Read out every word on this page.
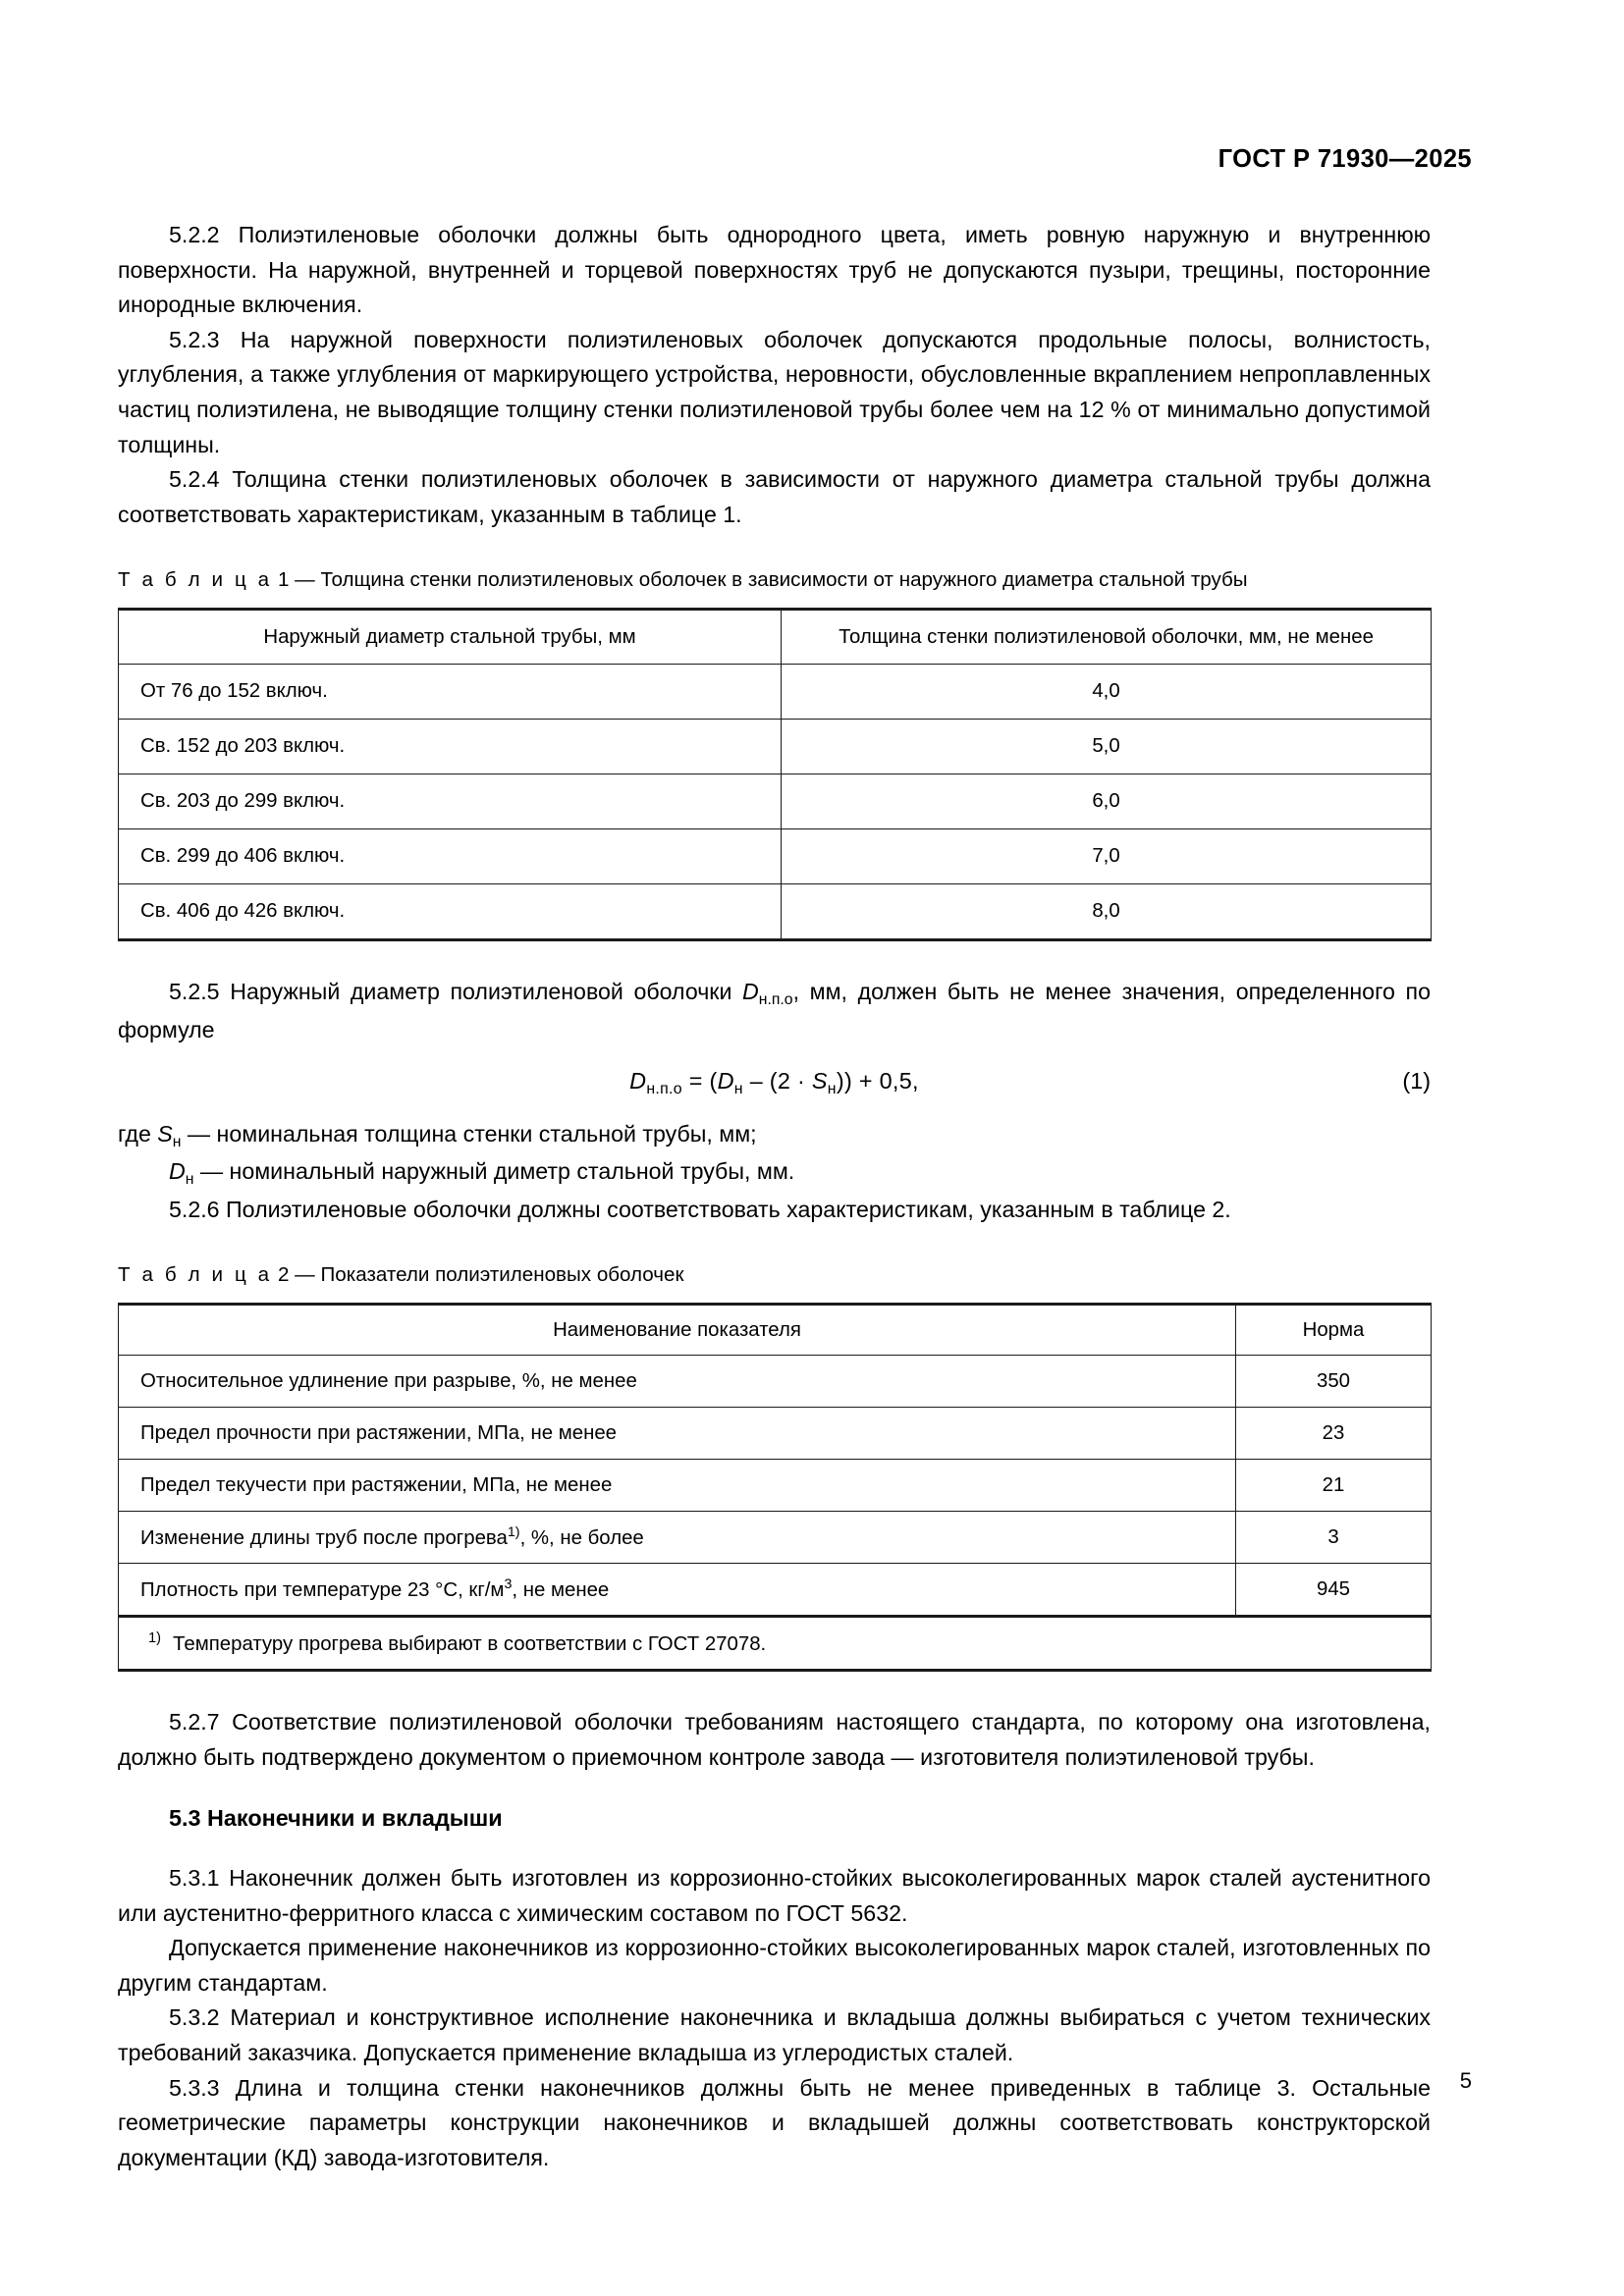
ГОСТ Р 71930—2025

5.2.2 Полиэтиленовые оболочки должны быть однородного цвета, иметь ровную наружную и внутреннюю поверхности. На наружной, внутренней и торцевой поверхностях труб не допускаются пузыри, трещины, посторонние инородные включения.

5.2.3 На наружной поверхности полиэтиленовых оболочек допускаются продольные полосы, волнистость, углубления, а также углубления от маркирующего устройства, неровности, обусловленные вкраплением непроплавленных частиц полиэтилена, не выводящие толщину стенки полиэтиленовой трубы более чем на 12 % от минимально допустимой толщины.

5.2.4 Толщина стенки полиэтиленовых оболочек в зависимости от наружного диаметра стальной трубы должна соответствовать характеристикам, указанным в таблице 1.

Т а б л и ц а 1 — Толщина стенки полиэтиленовых оболочек в зависимости от наружного диаметра стальной трубы

Наружный диаметр стальной трубы, мм	Толщина стенки полиэтиленовой оболочки, мм, не менее
От 76 до 152 включ.	4,0
Св. 152 до 203 включ.	5,0
Св. 203 до 299 включ.	6,0
Св. 299 до 406 включ.	7,0
Св. 406 до 426 включ.	8,0

5.2.5 Наружный диаметр полиэтиленовой оболочки $D_{н.п.о}$, мм, должен быть не менее значения, определенного по формуле

$D_{н.п.о} = (D_н - (2 \cdot S_н)) + 0,5$,	(1)

где $S_н$ — номинальная толщина стенки стальной трубы, мм;

$D_н$ — номинальный наружный диметр стальной трубы, мм.

5.2.6 Полиэтиленовые оболочки должны соответствовать характеристикам, указанным в таблице 2.

Т а б л и ц а 2 — Показатели полиэтиленовых оболочек

Наименование показателя	Норма
Относительное удлинение при разрыве, %, не менее	350
Предел прочности при растяжении, МПа, не менее	23
Предел текучести при растяжении, МПа, не менее	21
Изменение длины труб после прогрева$^{1)}$, %, не более	3
Плотность при температуре 23 °C, $кг/м^3$, не менее	945
$^{1)}$ Температуру прогрева выбирают в соответствии с ГОСТ 27078.	

5.2.7 Соответствие полиэтиленовой оболочки требованиям настоящего стандарта, по которому она изготовлена, должно быть подтверждено документом о приемочном контроле завода — изготовителя полиэтиленовой трубы.

5.3 Наконечники и вкладыши

5.3.1 Наконечник должен быть изготовлен из коррозионно-стойких высоколегированных марок сталей аустенитного или аустенитно-ферритного класса с химическим составом по ГОСТ 5632.

Допускается применение наконечников из коррозионно-стойких высоколегированных марок сталей, изготовленных по другим стандартам.

5.3.2 Материал и конструктивное исполнение наконечника и вкладыша должны выбираться с учетом технических требований заказчика. Допускается применение вкладыша из углеродистых сталей.

5.3.3 Длина и толщина стенки наконечников должны быть не менее приведенных в таблице 3. Остальные геометрические параметры конструкции наконечников и вкладышей должны соответствовать конструкторской документации (КД) завода-изготовителя.

5
